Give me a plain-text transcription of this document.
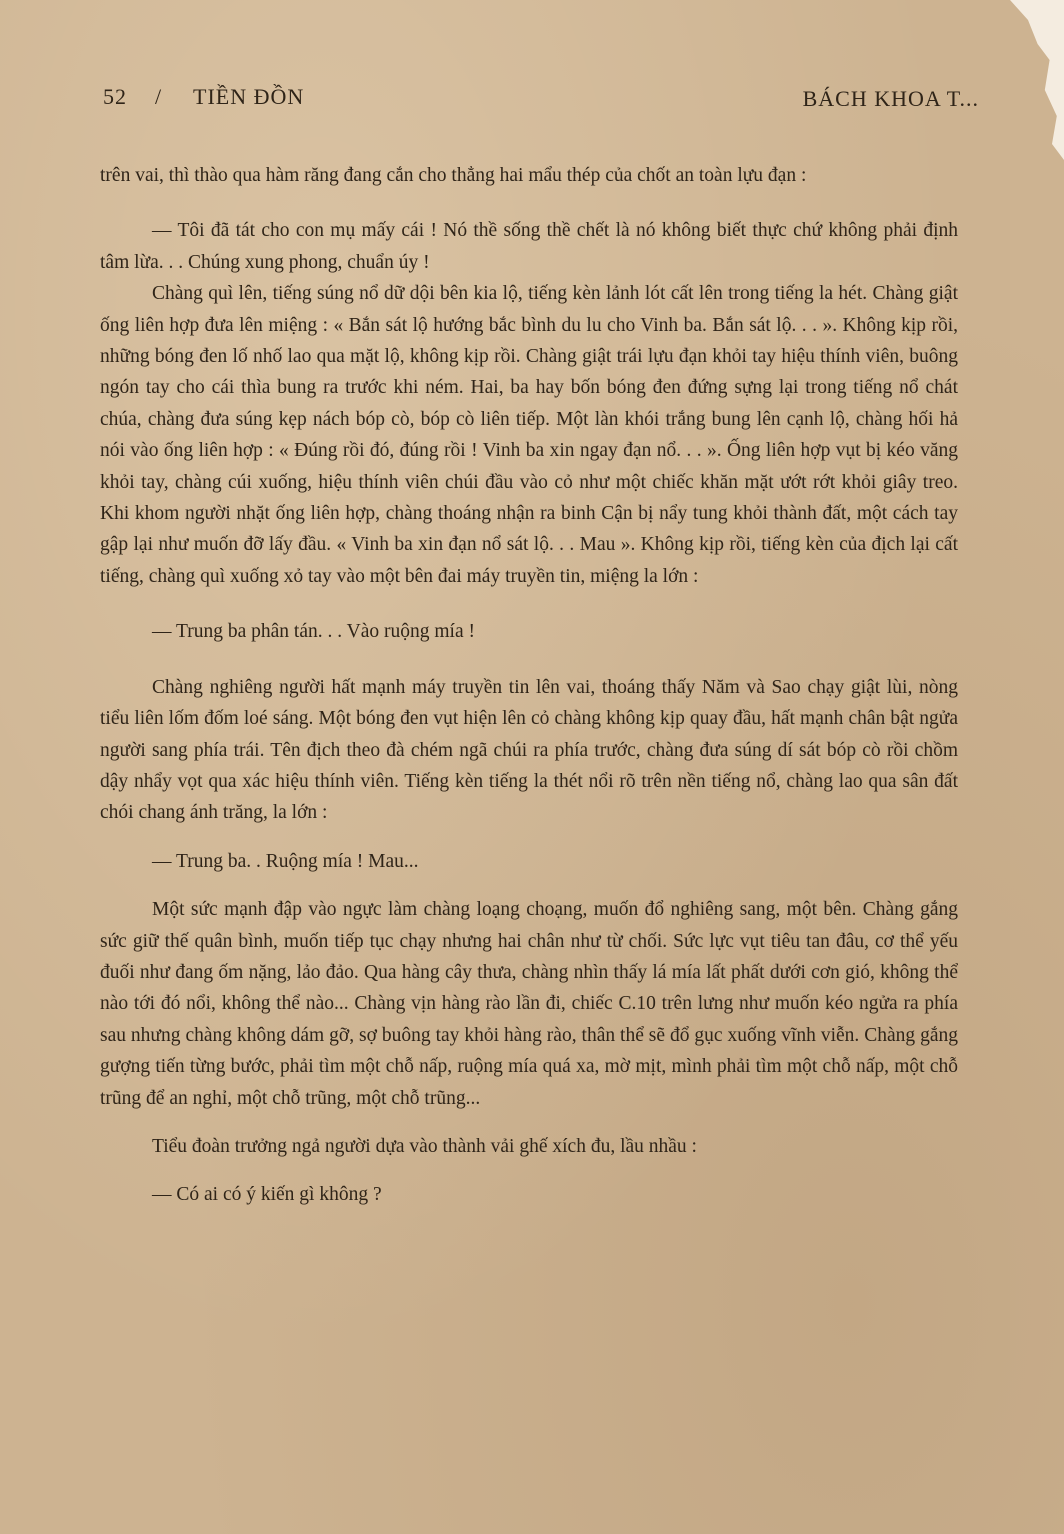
52 / TIỀN ĐỒN	BÁCH KHOA T...

trên vai, thì thào qua hàm răng đang cắn cho thẳng hai mẩu thép của chốt an toàn lựu đạn :

— Tôi đã tát cho con mụ mấy cái ! Nó thề sống thề chết là nó không biết thực chứ không phải định tâm lừa. . . Chúng xung phong, chuẩn úy !

Chàng quì lên, tiếng súng nổ dữ dội bên kia lộ, tiếng kèn lảnh lót cất lên trong tiếng la hét. Chàng giật ống liên hợp đưa lên miệng : « Bắn sát lộ hướng bắc bình du lu cho Vinh ba. Bắn sát lộ. . . ». Không kịp rồi, những bóng đen lố nhố lao qua mặt lộ, không kịp rồi. Chàng giật trái lựu đạn khỏi tay hiệu thính viên, buông ngón tay cho cái thìa bung ra trước khi ném. Hai, ba hay bốn bóng đen đứng sựng lại trong tiếng nổ chát chúa, chàng đưa súng kẹp nách bóp cò, bóp cò liên tiếp. Một làn khói trắng bung lên cạnh lộ, chàng hối hả nói vào ống liên hợp : « Đúng rồi đó, đúng rồi ! Vinh ba xin ngay đạn nổ. . . ». Ống liên hợp vụt bị kéo văng khỏi tay, chàng cúi xuống, hiệu thính viên chúi đầu vào cỏ như một chiếc khăn mặt ướt rớt khỏi giây treo. Khi khom người nhặt ống liên hợp, chàng thoáng nhận ra binh Cận bị nẩy tung khỏi thành đất, một cách tay gập lại như muốn đỡ lấy đầu. « Vinh ba xin đạn nổ sát lộ. . . Mau ». Không kịp rồi, tiếng kèn của địch lại cất tiếng, chàng quì xuống xỏ tay vào một bên đai máy truyền tin, miệng la lớn :

— Trung ba phân tán. . . Vào ruộng mía !

Chàng nghiêng người hất mạnh máy truyền tin lên vai, thoáng thấy Năm và Sao chạy giật lùi, nòng tiểu liên lốm đốm loé sáng. Một bóng đen vụt hiện lên cỏ chàng không kịp quay đầu, hất mạnh chân bật ngửa người sang phía trái. Tên địch theo đà chém ngã chúi ra phía trước, chàng đưa súng dí sát bóp cò rồi chồm dậy nhẩy vọt qua xác hiệu thính viên. Tiếng kèn tiếng la thét nổi rõ trên nền tiếng nổ, chàng lao qua sân đất chói chang ánh trăng, la lớn :

— Trung ba. . Ruộng mía ! Mau...

Một sức mạnh đập vào ngực làm chàng loạng choạng, muốn đổ nghiêng sang, một bên. Chàng gắng sức giữ thế quân bình, muốn tiếp tục chạy nhưng hai chân như từ chối. Sức lực vụt tiêu tan đâu, cơ thể yếu đuối như đang ốm nặng, lảo đảo. Qua hàng cây thưa, chàng nhìn thấy lá mía lất phất dưới cơn gió, không thể nào tới đó nổi, không thể nào... Chàng vịn hàng rào lần đi, chiếc C.10 trên lưng như muốn kéo ngửa ra phía sau nhưng chàng không dám gỡ, sợ buông tay khỏi hàng rào, thân thể sẽ đổ gục xuống vĩnh viễn. Chàng gắng gượng tiến từng bước, phải tìm một chỗ nấp, ruộng mía quá xa, mờ mịt, mình phải tìm một chỗ nấp, một chỗ trũng để an nghỉ, một chỗ trũng, một chỗ trũng...

Tiểu đoàn trưởng ngả người dựa vào thành vải ghế xích đu, lầu nhầu :

— Có ai có ý kiến gì không ?
